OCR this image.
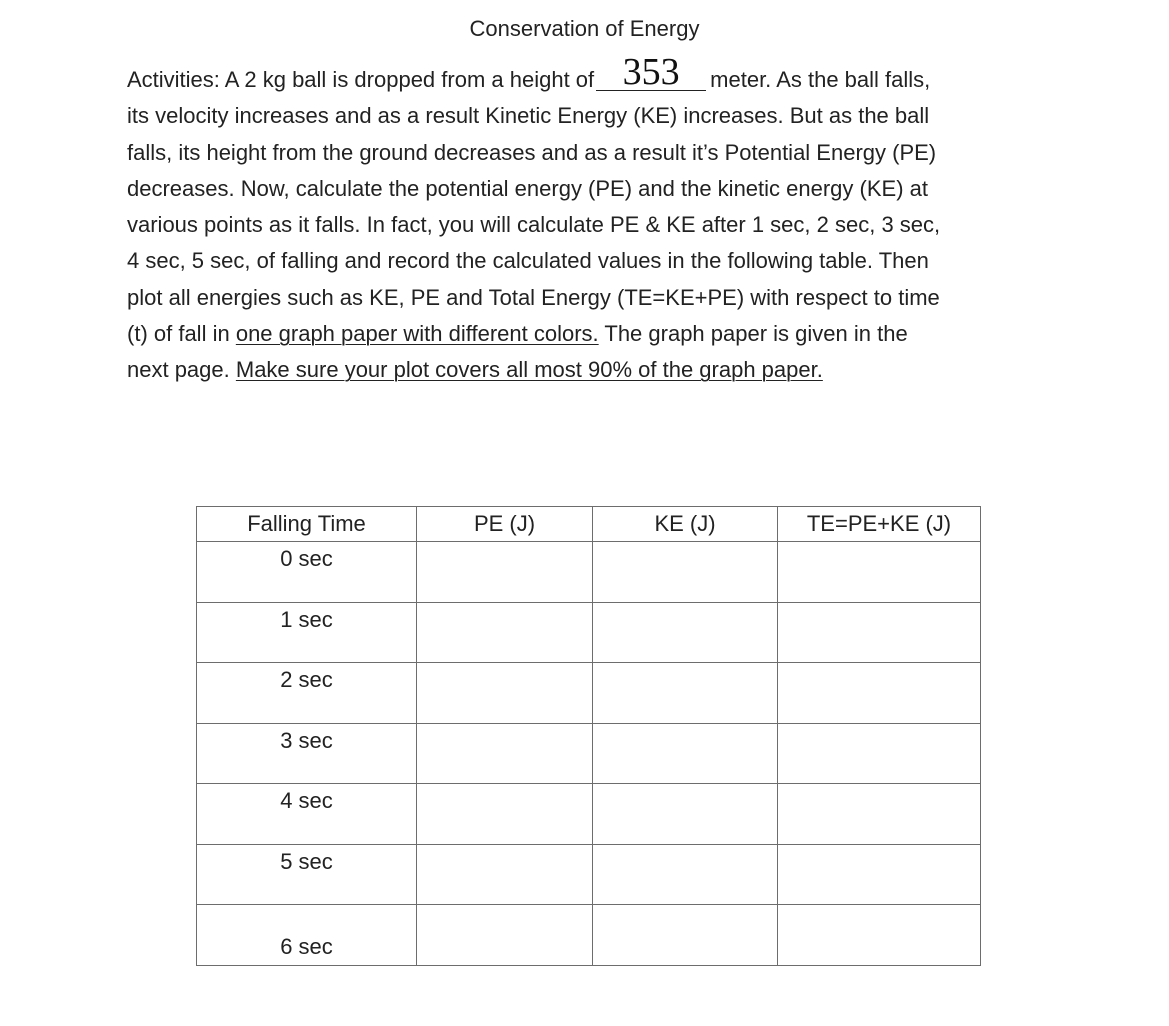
Conservation of Energy
Activities: A 2 kg ball is dropped from a height of 353	meter. As the ball falls,
its velocity increases and as a result Kinetic Energy (KE) increases. But as the ball
falls, its height from the ground decreases and as a result it’s Potential Energy (PE)
decreases. Now, calculate the potential energy (PE) and the kinetic energy (KE) at
various points as it falls. In fact, you will calculate PE & KE after 1 sec, 2 sec, 3 sec,
4 sec, 5 sec, of falling and record the calculated values in the following table. Then
plot all energies such as KE, PE and Total Energy (TE=KE+PE) with respect to time
(t) of fall in one graph paper with different colors. The graph paper is given in the
next page. Make sure your plot covers all most 90% of the graph paper.
Falling Time	PE (J)	KE (J)	TE=PE+KE (J)

0 sec			

1 sec			

2 sec			

3 sec			

4 sec			

5 sec			

6 sec			
